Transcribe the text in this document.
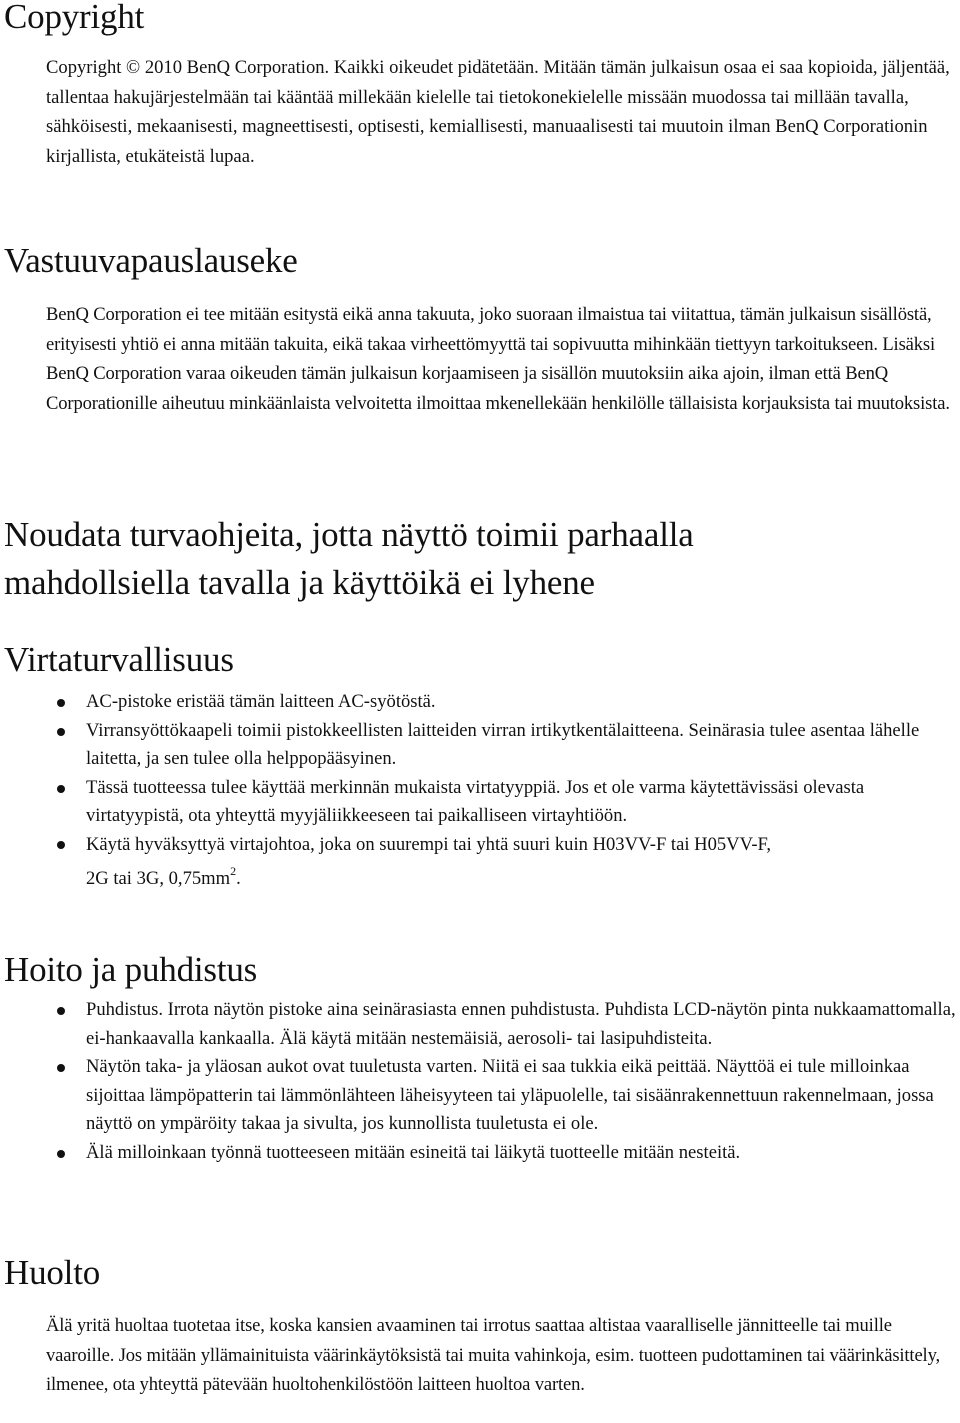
Copyright

Copyright © 2010 BenQ Corporation. Kaikki oikeudet pidätetään. Mitään tämän julkaisun osaa ei saa kopioida, jäljentää, tallentaa hakujärjestelmään tai kääntää millekään kielelle tai tietokonekielelle missään muodossa tai millään tavalla, sähköisesti, mekaanisesti, magneettisesti, optisesti, kemiallisesti, manuaalisesti tai muutoin ilman BenQ Corporationin kirjallista, etukäteistä lupaa.

Vastuuvapauslauseke

BenQ Corporation ei tee mitään esitystä eikä anna takuuta, joko suoraan ilmaistua tai viitattua, tämän julkaisun sisällöstä, erityisesti yhtiö ei anna mitään takuita, eikä takaa virheettömyyttä tai sopivuutta mihinkään tiettyyn tarkoitukseen. Lisäksi BenQ Corporation varaa oikeuden tämän julkaisun korjaamiseen ja sisällön muutoksiin aika ajoin, ilman että BenQ Corporationille aiheutuu minkäänlaista velvoitetta ilmoittaa mkenellekään henkilölle tällaisista korjauksista tai muutoksista.

Noudata turvaohjeita, jotta näyttö toimii parhaalla
mahdollsiella tavalla ja käyttöikä ei lyhene
Virtaturvallisuus
AC-pistoke eristää tämän laitteen AC-syötöstä.
Virransyöttökaapeli toimii pistokkeellisten laitteiden virran irtikytkentälaitteena. Seinärasia tulee asentaa lähelle laitetta, ja sen tulee olla helppopääsyinen.
Tässä tuotteessa tulee käyttää merkinnän mukaista virtatyyppiä. Jos et ole varma käytettävissäsi olevasta virtatyypistä, ota yhteyttä myyjäliikkeeseen tai paikalliseen virtayhtiöön.
Käytä hyväksyttyä virtajohtoa, joka on suurempi tai yhtä suuri kuin H03VV-F tai H05VV-F,
2G tai 3G, $0,75mm^2$.
Hoito ja puhdistus
Puhdistus. Irrota näytön pistoke aina seinärasiasta ennen puhdistusta. Puhdista LCD-näytön pinta nukkaamattomalla, ei-hankaavalla kankaalla. Älä käytä mitään nestemäisiä, aerosoli- tai lasipuhdisteita.
Näytön taka- ja yläosan aukot ovat tuuletusta varten. Niitä ei saa tukkia eikä peittää. Näyttöä ei tule milloinkaa sijoittaa lämpöpatterin tai lämmönlähteen läheisyyteen tai yläpuolelle, tai sisäänrakennettuun rakennelmaan, jossa näyttö on ympäröity takaa ja sivulta, jos kunnollista tuuletusta ei ole.
Älä milloinkaan työnnä tuotteeseen mitään esineitä tai läikytä tuotteelle mitään nesteitä.
Huolto

Älä yritä huoltaa tuotetaa itse, koska kansien avaaminen tai irrotus saattaa altistaa vaaralliselle jännitteelle tai muille vaaroille. Jos mitään yllämainituista väärinkäytöksistä tai muita vahinkoja, esim. tuotteen pudottaminen tai väärinkäsittely, ilmenee, ota yhteyttä pätevään huoltohenkilöstöön laitteen huoltoa varten.
